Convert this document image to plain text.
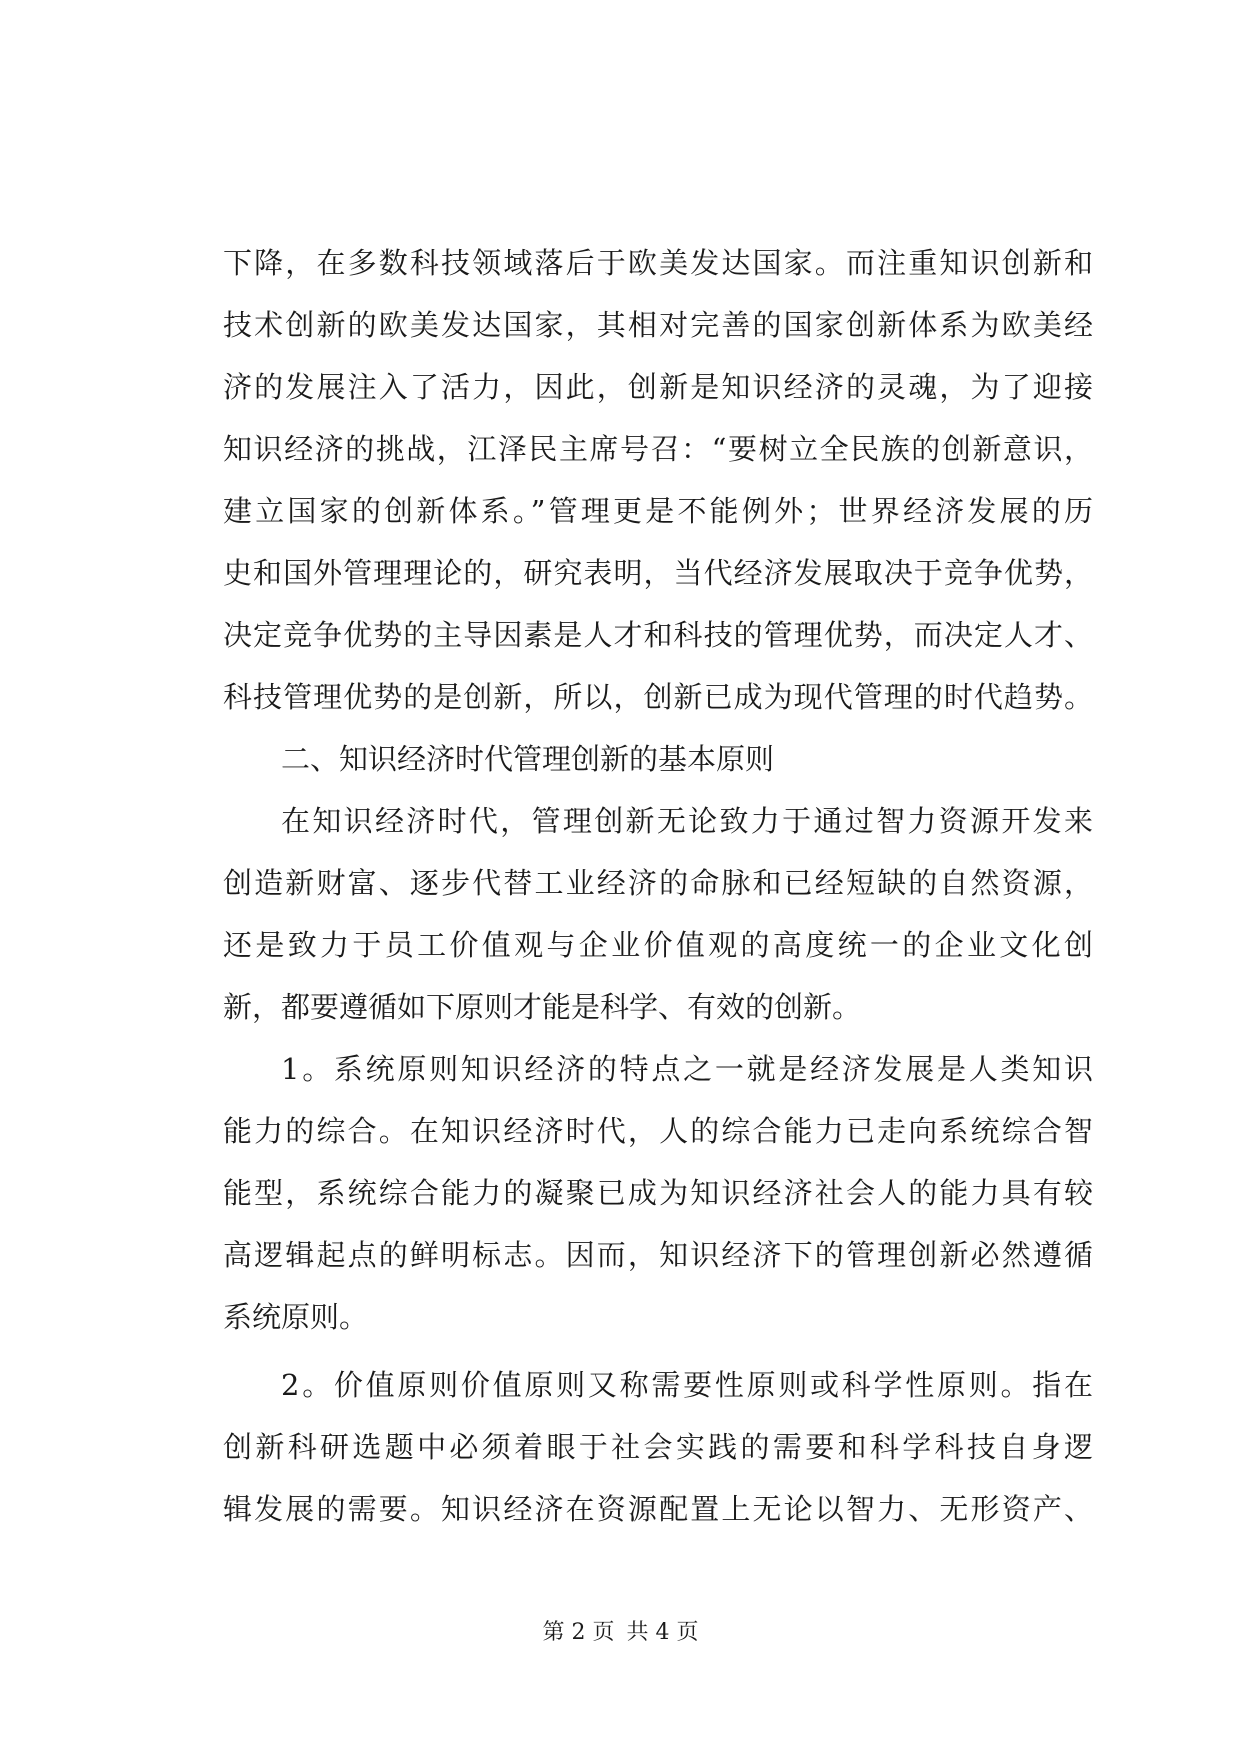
下降，在多数科技领域落后于欧美发达国家。而注重知识创新和
技术创新的欧美发达国家，其相对完善的国家创新体系为欧美经
济的发展注入了活力，因此，创新是知识经济的灵魂，为了迎接
知识经济的挑战，江泽民主席号召：“要树立全民族的创新意识，
建立国家的创新体系。”管理更是不能例外；世界经济发展的历
史和国外管理理论的，研究表明，当代经济发展取决于竞争优势，
决定竞争优势的主导因素是人才和科技的管理优势，而决定人才、
科技管理优势的是创新，所以，创新已成为现代管理的时代趋势。
二、知识经济时代管理创新的基本原则
在知识经济时代，管理创新无论致力于通过智力资源开发来
创造新财富、逐步代替工业经济的命脉和已经短缺的自然资源，
还是致力于员工价值观与企业价值观的高度统一的企业文化创
新，都要遵循如下原则才能是科学、有效的创新。
1。系统原则知识经济的特点之一就是经济发展是人类知识
能力的综合。在知识经济时代，人的综合能力已走向系统综合智
能型，系统综合能力的凝聚已成为知识经济社会人的能力具有较
高逻辑起点的鲜明标志。因而，知识经济下的管理创新必然遵循
系统原则。
2。价值原则价值原则又称需要性原则或科学性原则。指在
创新科研选题中必须着眼于社会实践的需要和科学科技自身逻
辑发展的需要。知识经济在资源配置上无论以智力、无形资产、
第 2 页 共 4 页
